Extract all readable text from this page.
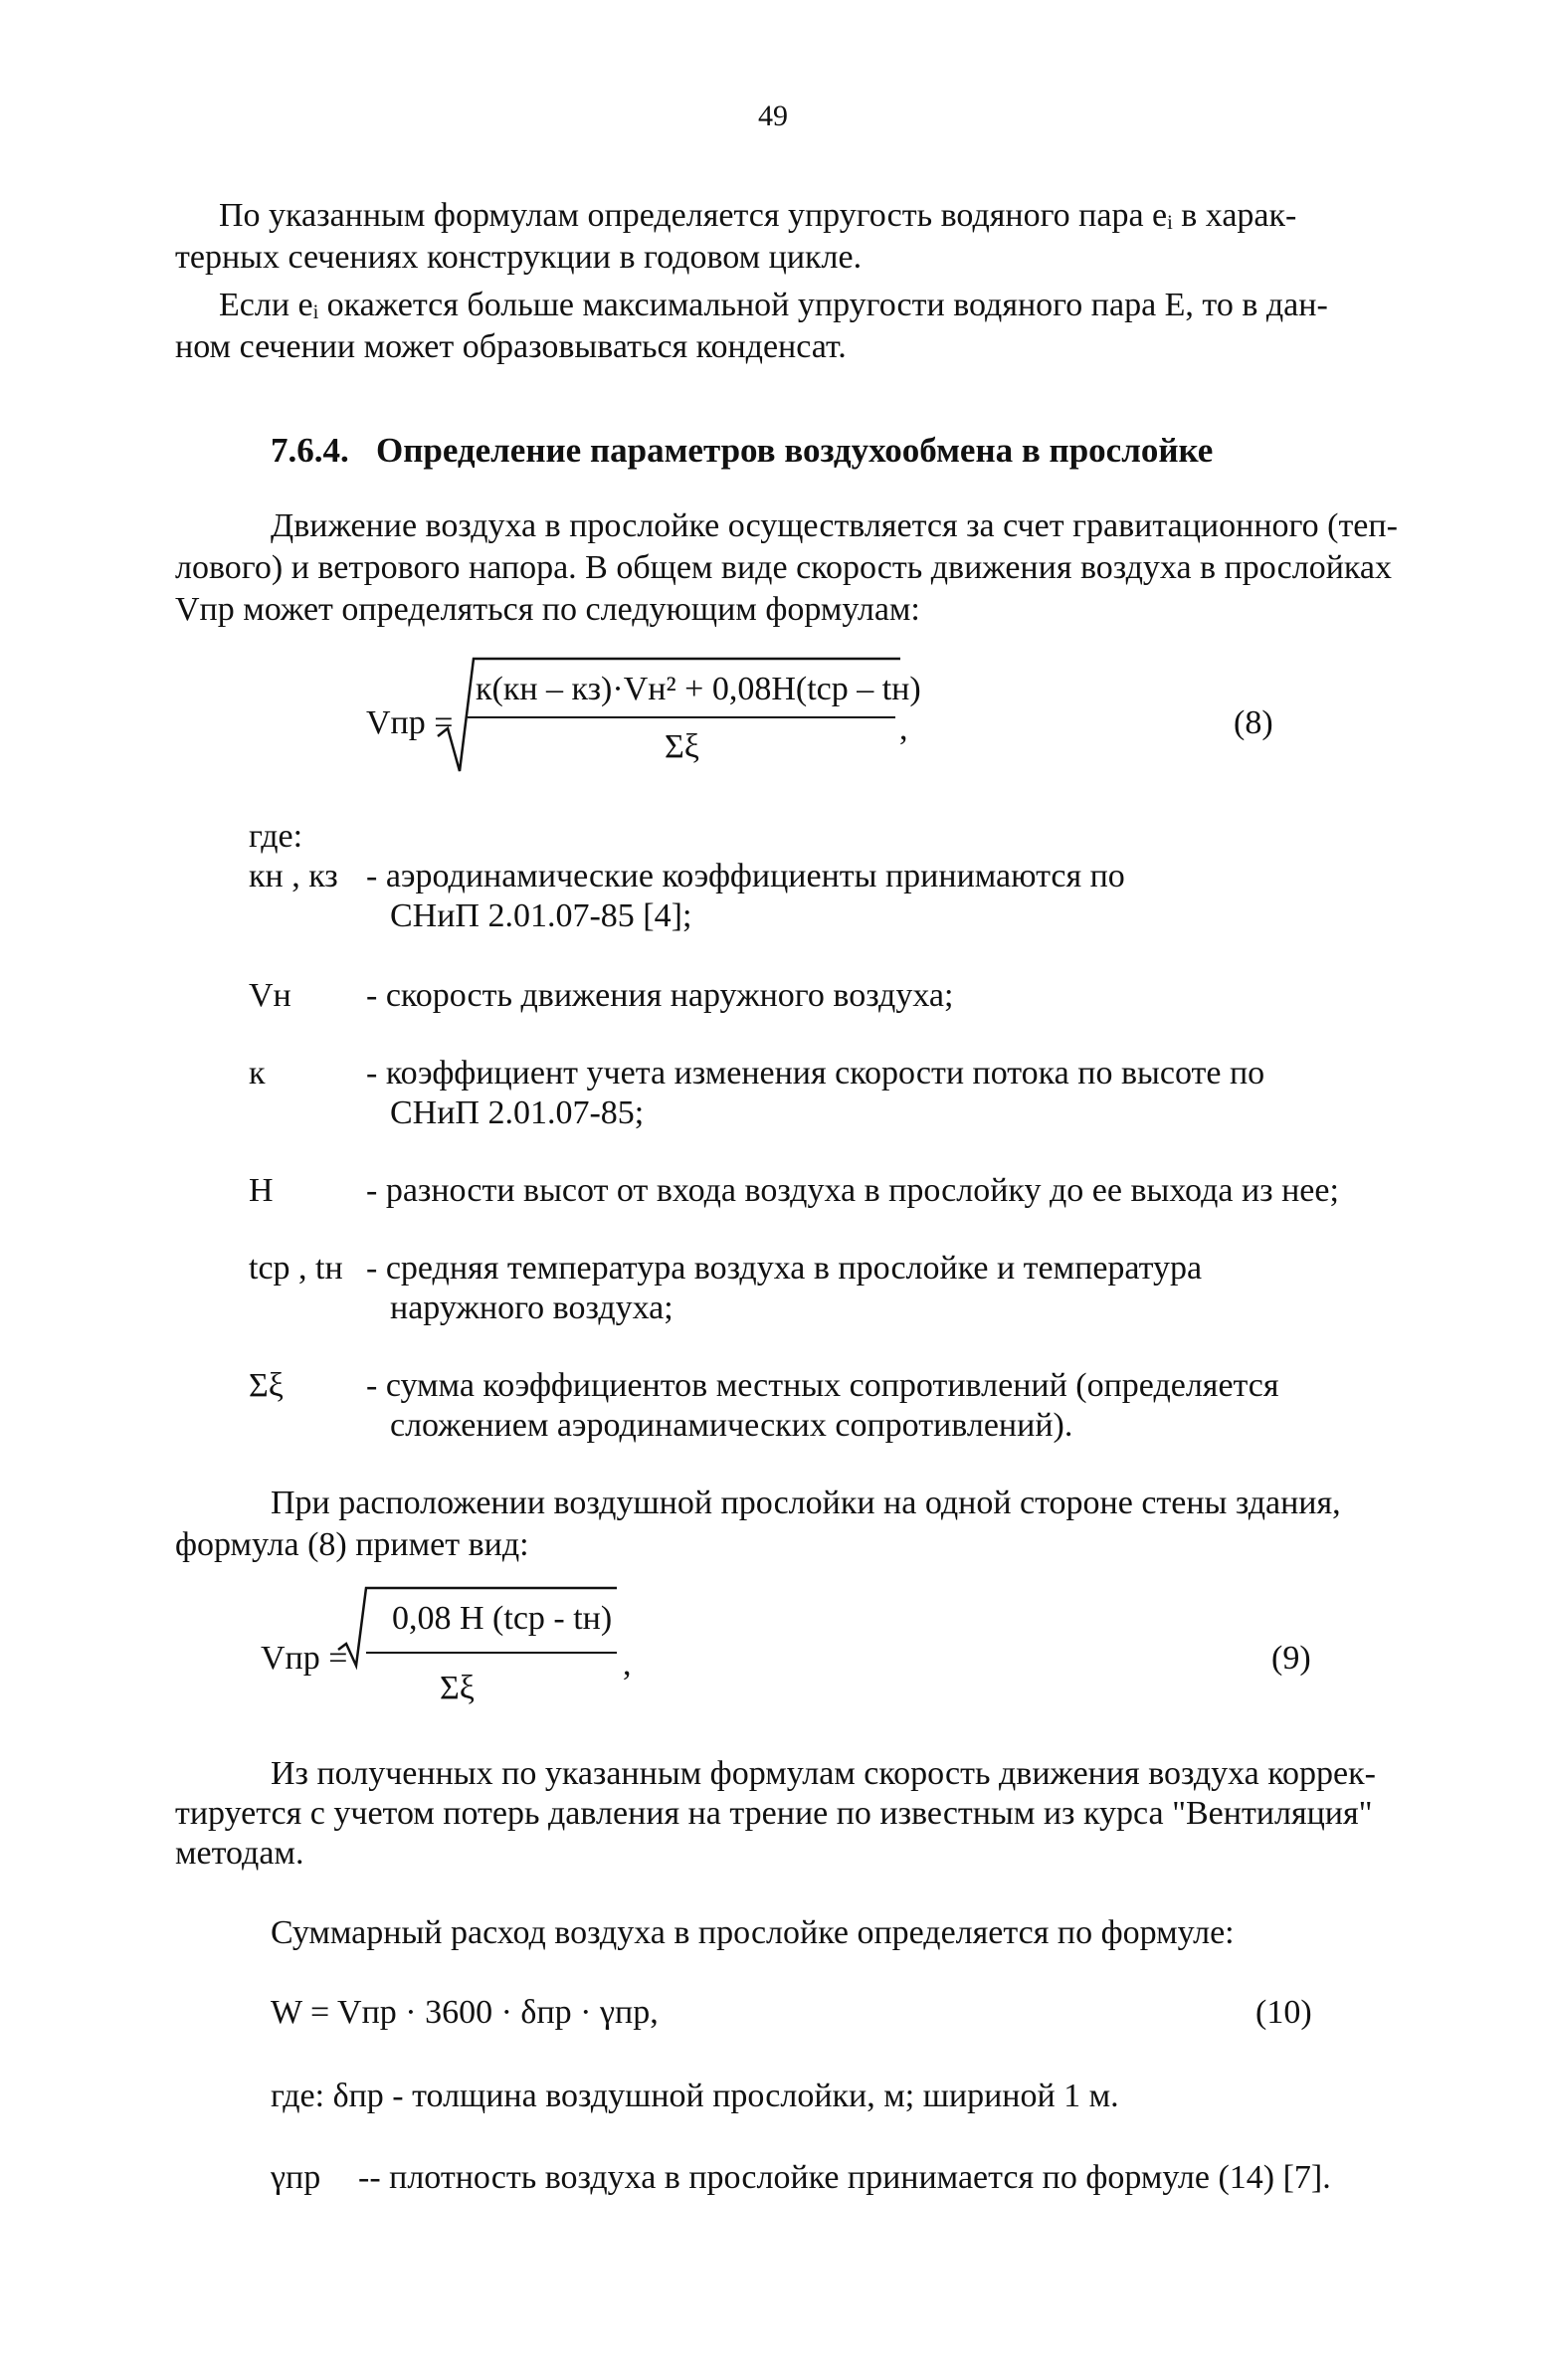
49
По указанным формулам определяется упругость водяного пара eᵢ в харак-
терных сечениях конструкции в годовом цикле.
Если eᵢ окажется больше максимальной упругости водяного пара E, то в дан-
ном сечении может образовываться конденсат.
7.6.4. Определение параметров воздухообмена в прослойке
Движение воздуха в прослойке осуществляется за счет гравитационного (теп-
лового) и ветрового напора. В общем виде скорость движения воздуха в прослойках
Vпр может определяться по следующим формулам:
Vпр =
к(кн – кз)·Vн² + 0,08H(tср – tн)
Σξ	,	(8)
где:
кн , кз - аэродинамические коэффициенты принимаются по
СНиП 2.01.07-85 [4];
Vн - скорость движения наружного воздуха;
к	- коэффициент учета изменения скорости потока по высоте по
СНиП 2.01.07-85;
H	- разности высот от входа воздуха в прослойку до ее выхода из нее;
tср , tн - средняя температура воздуха в прослойке и температура
наружного воздуха;
Σξ - сумма коэффициентов местных сопротивлений (определяется
сложением аэродинамических сопротивлений).
При расположении воздушной прослойки на одной стороне стены здания,
формула (8) примет вид:
Vпр =
0,08 H (tср - tн)
Σξ
,	(9)
Из полученных по указанным формулам скорость движения воздуха коррек-
тируется с учетом потерь давления на трение по известным из курса "Вентиляция"
методам.
Суммарный расход воздуха в прослойке определяется по формуле:
W = Vпр · 3600 · δпр · γпр,	(10)
где: δпр - толщина воздушной прослойки, м; шириной 1 м.
γпр -- плотность воздуха в прослойке принимается по формуле (14) [7].
